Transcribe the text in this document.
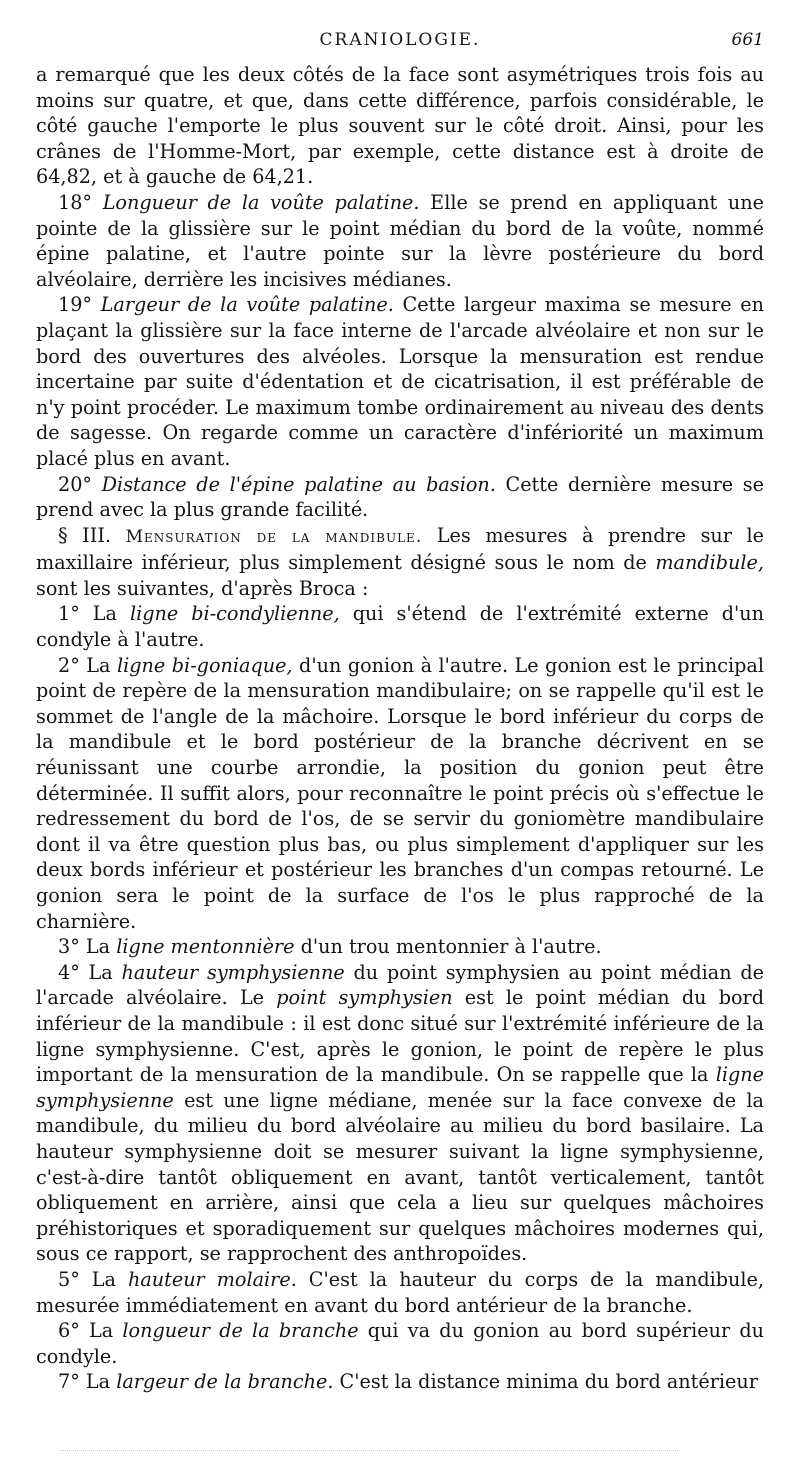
CRANIOLOGIE.	661

a remarqué que les deux côtés de la face sont asymétriques trois fois au moins sur quatre, et que, dans cette différence, parfois considérable, le côté gauche l'emporte le plus souvent sur le côté droit. Ainsi, pour les crânes de l'Homme-Mort, par exemple, cette distance est à droite de 64,82, et à gauche de 64,21.

18° Longueur de la voûte palatine. Elle se prend en appliquant une pointe de la glissière sur le point médian du bord de la voûte, nommé épine palatine, et l'autre pointe sur la lèvre postérieure du bord alvéolaire, derrière les incisives médianes.

19° Largeur de la voûte palatine. Cette largeur maxima se mesure en plaçant la glissière sur la face interne de l'arcade alvéolaire et non sur le bord des ouvertures des alvéoles. Lorsque la mensuration est rendue incertaine par suite d'édentation et de cicatrisation, il est préférable de n'y point procéder. Le maximum tombe ordinairement au niveau des dents de sagesse. On regarde comme un caractère d'infériorité un maximum placé plus en avant.

20° Distance de l'épine palatine au basion. Cette dernière mesure se prend avec la plus grande facilité.

§ III. Mensuration de la mandibule. Les mesures à prendre sur le maxillaire inférieur, plus simplement désigné sous le nom de mandibule, sont les suivantes, d'après Broca :

1° La ligne bi-condylienne, qui s'étend de l'extrémité externe d'un condyle à l'autre.

2° La ligne bi-goniaque, d'un gonion à l'autre. Le gonion est le principal point de repère de la mensuration mandibulaire; on se rappelle qu'il est le sommet de l'angle de la mâchoire. Lorsque le bord inférieur du corps de la mandibule et le bord postérieur de la branche décrivent en se réunissant une courbe arrondie, la position du gonion peut être déterminée. Il suffit alors, pour reconnaître le point précis où s'effectue le redressement du bord de l'os, de se servir du goniomètre mandibulaire dont il va être question plus bas, ou plus simplement d'appliquer sur les deux bords inférieur et postérieur les branches d'un compas retourné. Le gonion sera le point de la surface de l'os le plus rapproché de la charnière.

3° La ligne mentonnière d'un trou mentonnier à l'autre.

4° La hauteur symphysienne du point symphysien au point médian de l'arcade alvéolaire. Le point symphysien est le point médian du bord inférieur de la mandibule : il est donc situé sur l'extrémité inférieure de la ligne symphysienne. C'est, après le gonion, le point de repère le plus important de la mensuration de la mandibule. On se rappelle que la ligne symphysienne est une ligne médiane, menée sur la face convexe de la mandibule, du milieu du bord alvéolaire au milieu du bord basilaire. La hauteur symphysienne doit se mesurer suivant la ligne symphysienne, c'est-à-dire tantôt obliquement en avant, tantôt verticalement, tantôt obliquement en arrière, ainsi que cela a lieu sur quelques mâchoires préhistoriques et sporadiquement sur quelques mâchoires modernes qui, sous ce rapport, se rapprochent des anthropoïdes.

5° La hauteur molaire. C'est la hauteur du corps de la mandibule, mesurée immédiatement en avant du bord antérieur de la branche.

6° La longueur de la branche qui va du gonion au bord supérieur du condyle.

7° La largeur de la branche. C'est la distance minima du bord antérieur
